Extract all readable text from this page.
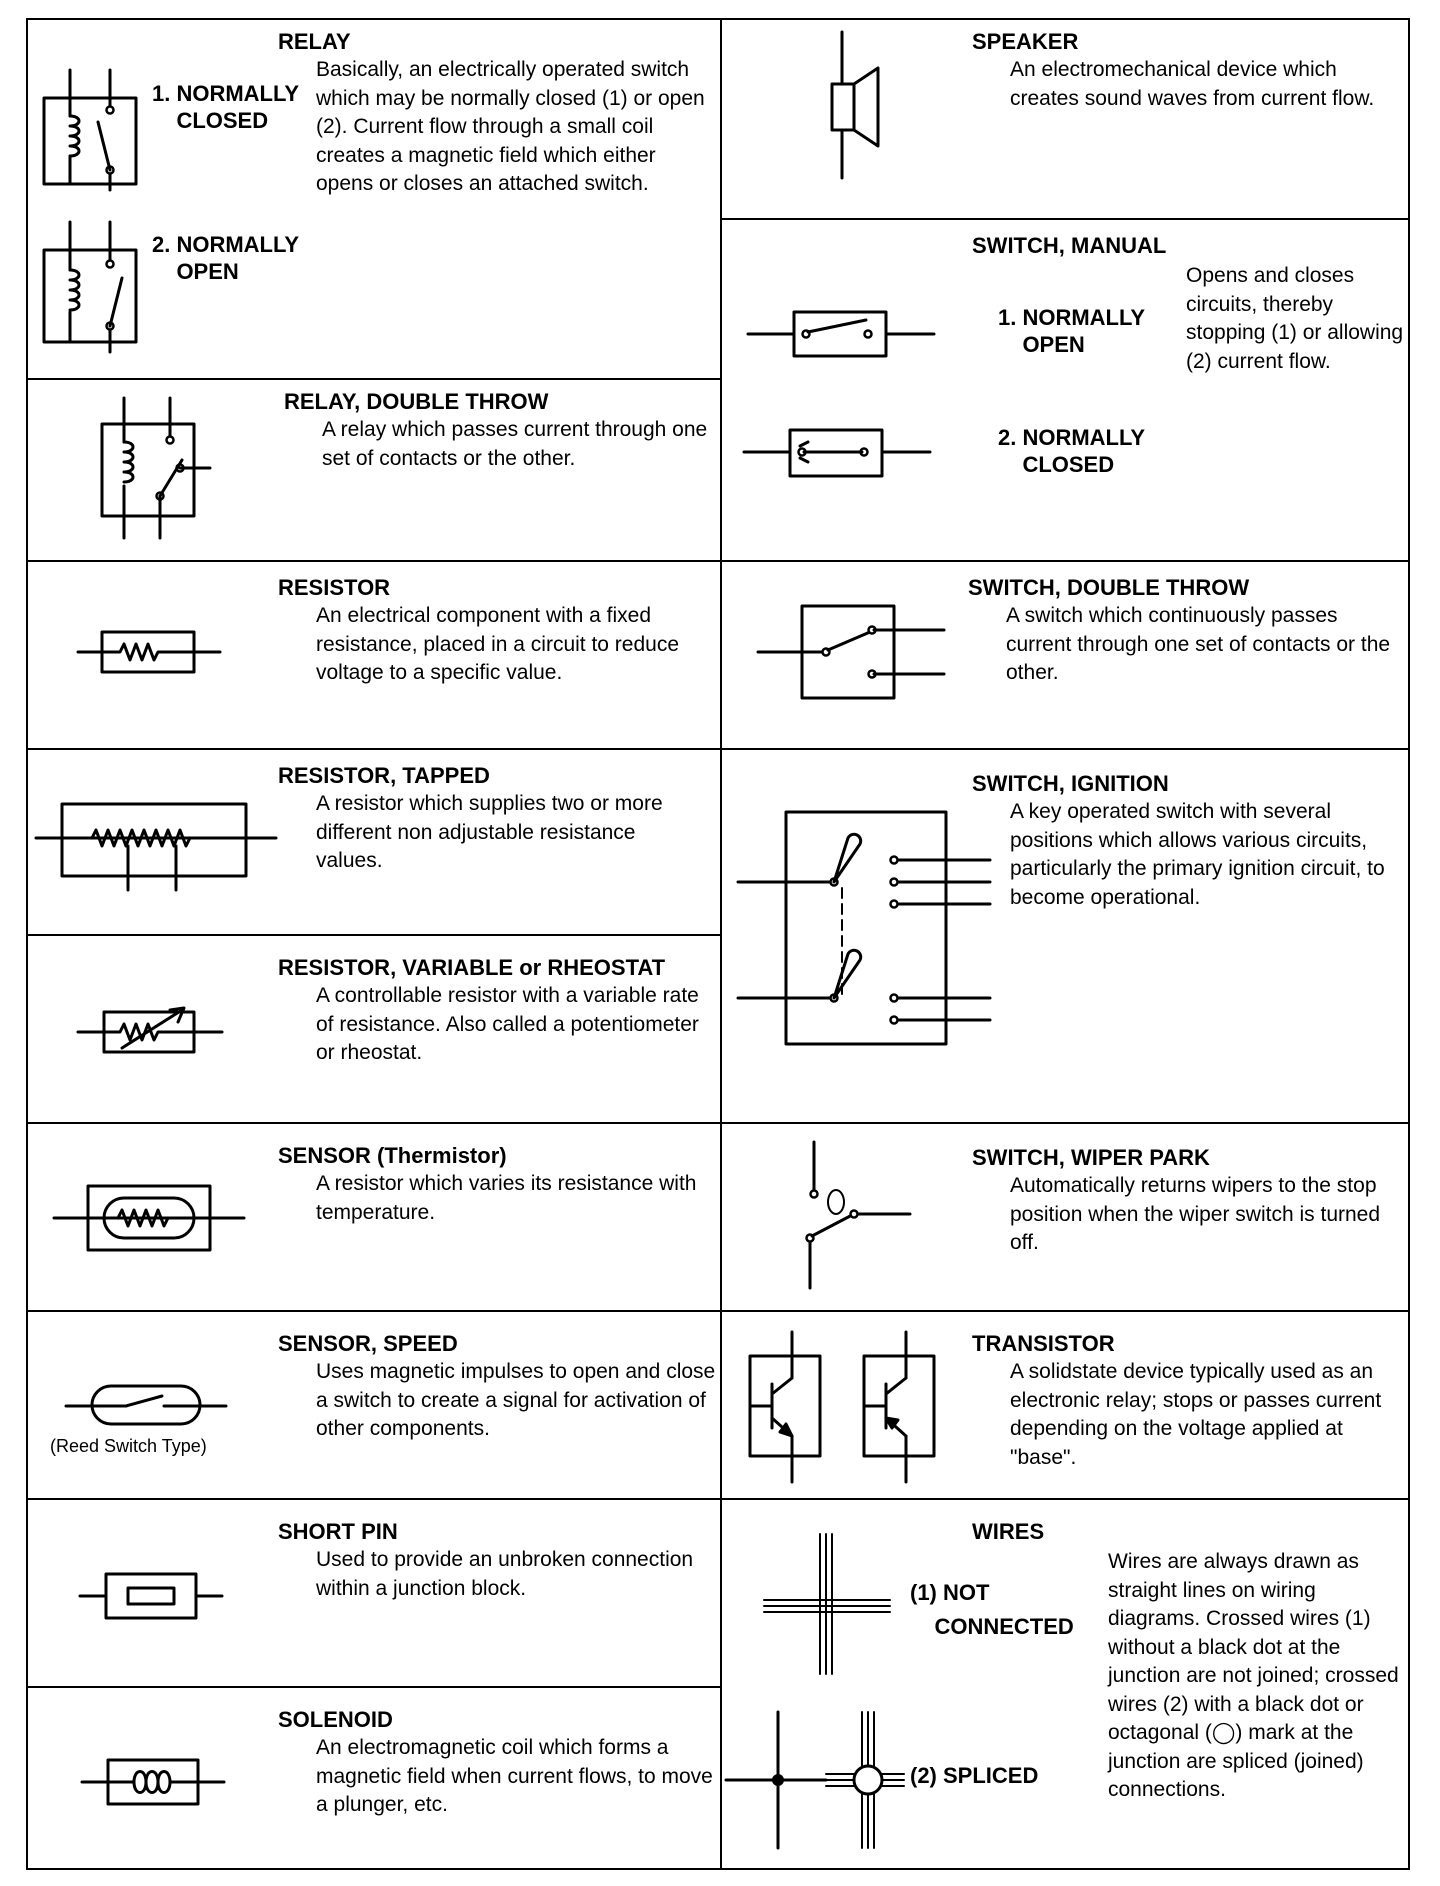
RELAY
Basically, an electrically operated switch which may be normally closed (1) or open (2). Current flow through a small coil creates a magnetic field which either opens or closes an attached switch.
1. NORMALLY
CLOSED
2. NORMALLY
OPEN
RELAY, DOUBLE THROW
A relay which passes current through one set of contacts or the other.
RESISTOR
An electrical component with a fixed resistance, placed in a circuit to reduce voltage to a specific value.
RESISTOR, TAPPED
A resistor which supplies two or more different non adjustable resistance values.
RESISTOR, VARIABLE or RHEOSTAT
A controllable resistor with a variable rate of resistance. Also called a potentiometer or rheostat.
SENSOR (Thermistor)
A resistor which varies its resistance with temperature.
SENSOR, SPEED
Uses magnetic impulses to open and close a switch to create a signal for activation of other components.
(Reed Switch Type)
SHORT PIN
Used to provide an unbroken connection within a junction block.
SOLENOID
An electromagnetic coil which forms a magnetic field when current flows, to move a plunger, etc.
SPEAKER
An electromechanical device which creates sound waves from current flow.
SWITCH, MANUAL
Opens and closes circuits, thereby stopping (1) or allowing (2) current flow.
1. NORMALLY
OPEN
2. NORMALLY
CLOSED
SWITCH, DOUBLE THROW
A switch which continuously passes current through one set of contacts or the other.
SWITCH, IGNITION
A key operated switch with several positions which allows various circuits, particularly the primary ignition circuit, to become operational.
SWITCH, WIPER PARK
Automatically returns wipers to the stop position when the wiper switch is turned off.
TRANSISTOR
A solidstate device typically used as an electronic relay; stops or passes current depending on the voltage applied at "base".
WIRES
Wires are always drawn as straight lines on wiring diagrams. Crossed wires (1) without a black dot at the junction are not joined; crossed wires (2) with a black dot or octagonal (◯) mark at the junction are spliced (joined) connections.
(1) NOT
CONNECTED
(2) SPLICED
